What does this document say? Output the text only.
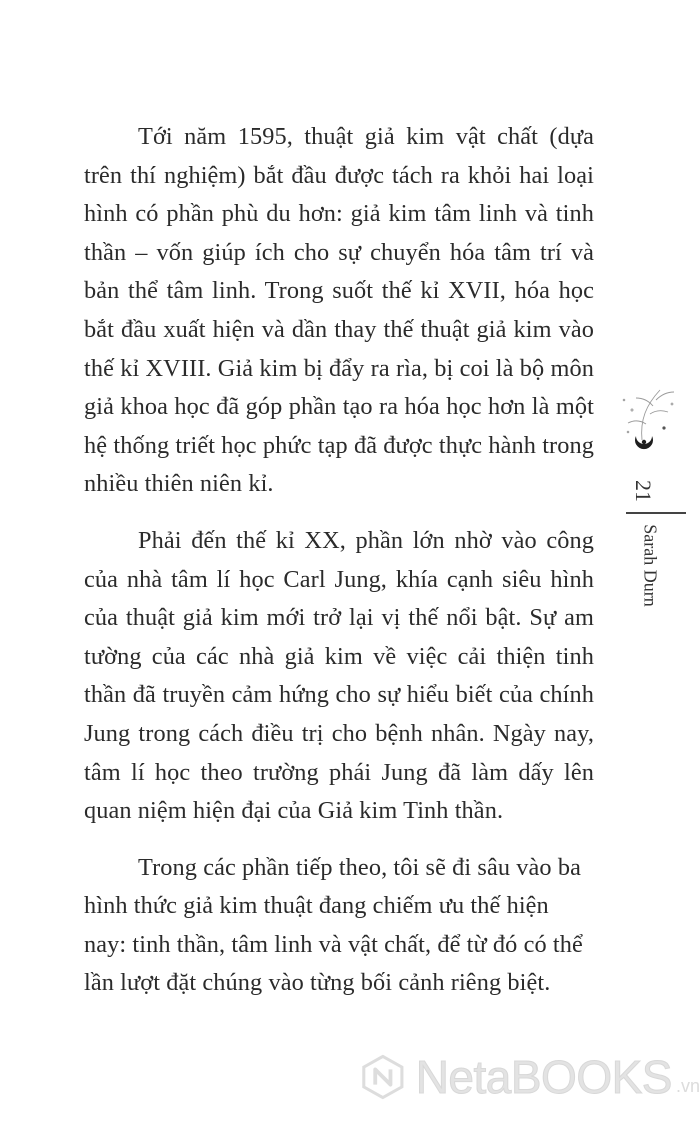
Tới năm 1595, thuật giả kim vật chất (dựa trên thí nghiệm) bắt đầu được tách ra khỏi hai loại hình có phần phù du hơn: giả kim tâm linh và tinh thần – vốn giúp ích cho sự chuyển hóa tâm trí và bản thể tâm linh. Trong suốt thế kỉ XVII, hóa học bắt đầu xuất hiện và dần thay thế thuật giả kim vào thế kỉ XVIII. Giả kim bị đẩy ra rìa, bị coi là bộ môn giả khoa học đã góp phần tạo ra hóa học hơn là một hệ thống triết học phức tạp đã được thực hành trong nhiều thiên niên kỉ.

Phải đến thế kỉ XX, phần lớn nhờ vào công của nhà tâm lí học Carl Jung, khía cạnh siêu hình của thuật giả kim mới trở lại vị thế nổi bật. Sự am tường của các nhà giả kim về việc cải thiện tinh thần đã truyền cảm hứng cho sự hiểu biết của chính Jung trong cách điều trị cho bệnh nhân. Ngày nay, tâm lí học theo trường phái Jung đã làm dấy lên quan niệm hiện đại của Giả kim Tinh thần.

Trong các phần tiếp theo, tôi sẽ đi sâu vào ba hình thức giả kim thuật đang chiếm ưu thế hiện nay: tinh thần, tâm linh và vật chất, để từ đó có thể lần lượt đặt chúng vào từng bối cảnh riêng biệt.

21
Sarah Durn
NetaBOOKS .vn
